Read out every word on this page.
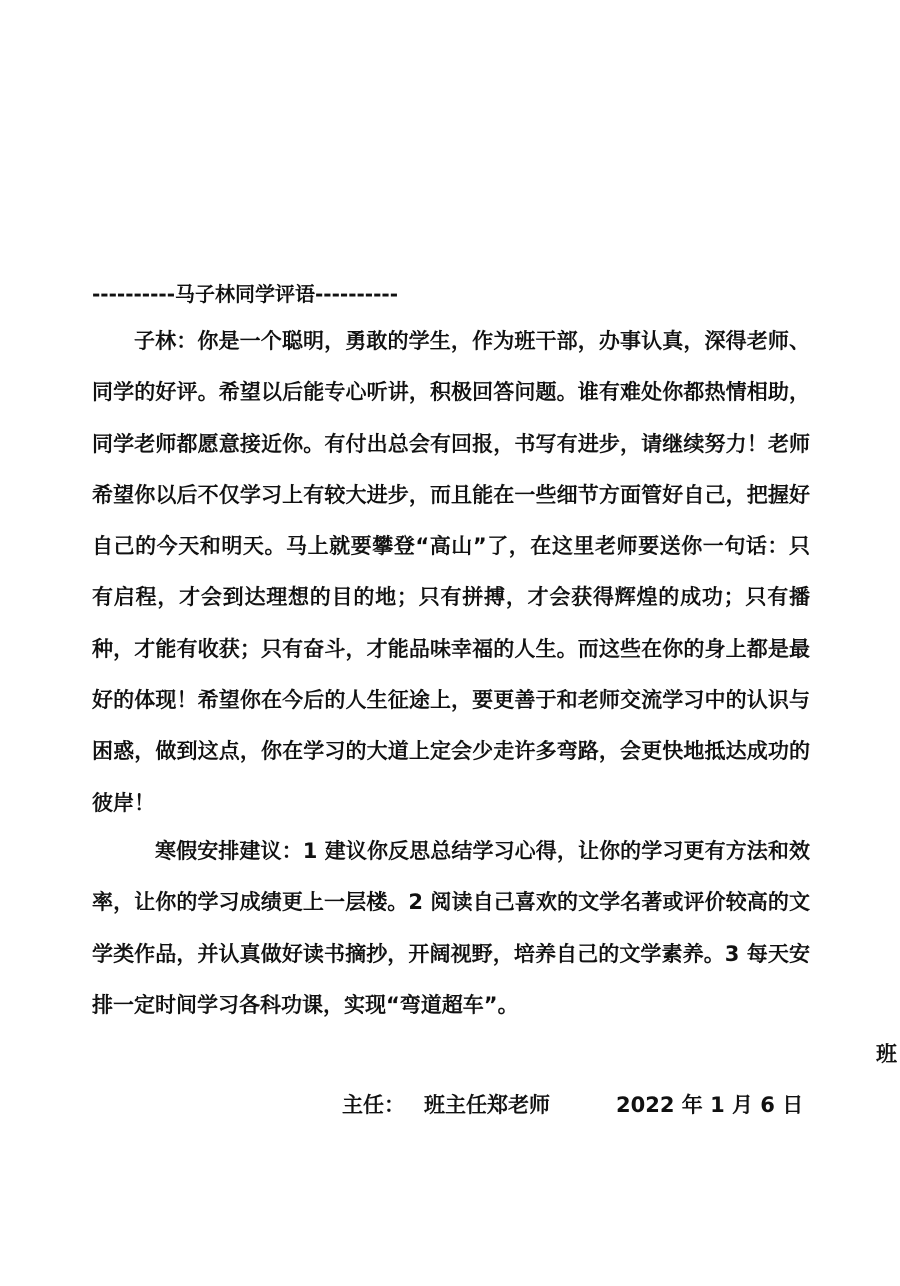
----------马子林同学评语----------

子林：你是一个聪明，勇敢的学生，作为班干部，办事认真，深得老师、同学的好评。希望以后能专心听讲，积极回答问题。谁有难处你都热情相助，同学老师都愿意接近你。有付出总会有回报，书写有进步，请继续努力！老师希望你以后不仅学习上有较大进步，而且能在一些细节方面管好自己，把握好自己的今天和明天。马上就要攀登“高山”了，在这里老师要送你一句话：只有启程，才会到达理想的目的地；只有拼搏，才会获得辉煌的成功；只有播种，才能有收获；只有奋斗，才能品味幸福的人生。而这些在你的身上都是最好的体现！希望你在今后的人生征途上，要更善于和老师交流学习中的认识与困惑，做到这点，你在学习的大道上定会少走许多弯路，会更快地抵达成功的彼岸！

寒假安排建议：1 建议你反思总结学习心得，让你的学习更有方法和效率，让你的学习成绩更上一层楼。2 阅读自己喜欢的文学名著或评价较高的文学类作品，并认真做好读书摘抄，开阔视野，培养自己的文学素养。3 每天安排一定时间学习各科功课，实现“弯道超车”。

班
主任： 班主任郑老师	2022 年 1 月 6 日
